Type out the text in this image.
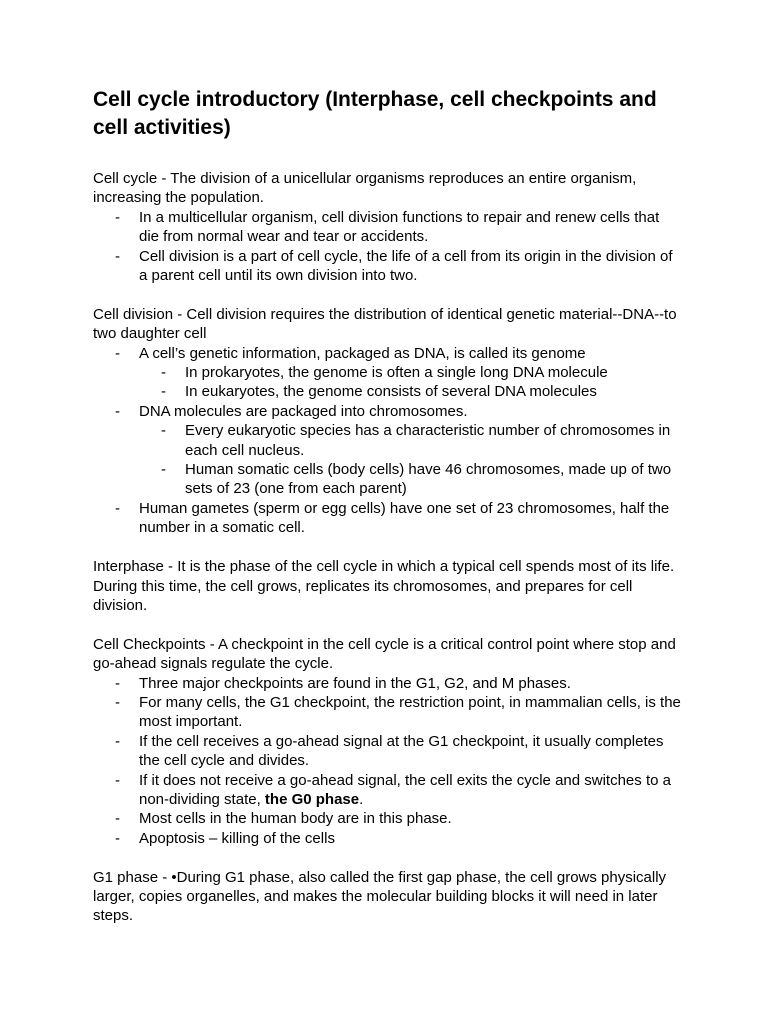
Cell cycle introductory (Interphase, cell checkpoints and cell activities)

Cell cycle - The division of a unicellular organisms reproduces an entire organism, increasing the population.

- In a multicellular organism, cell division functions to repair and renew cells that die from normal wear and tear or accidents.
- Cell division is a part of cell cycle, the life of a cell from its origin in the division of a parent cell until its own division into two.

Cell division - Cell division requires the distribution of identical genetic material--DNA--to two daughter cell

- A cell’s genetic information, packaged as DNA, is called its genome
- In prokaryotes, the genome is often a single long DNA molecule
- In eukaryotes, the genome consists of several DNA molecules
- DNA molecules are packaged into chromosomes.
- Every eukaryotic species has a characteristic number of chromosomes in each cell nucleus.
- Human somatic cells (body cells) have 46 chromosomes, made up of two sets of 23 (one from each parent)
- Human gametes (sperm or egg cells) have one set of 23 chromosomes, half the number in a somatic cell.

Interphase - It is the phase of the cell cycle in which a typical cell spends most of its life. During this time, the cell grows, replicates its chromosomes, and prepares for cell division.

Cell Checkpoints - A checkpoint in the cell cycle is a critical control point where stop and go-ahead signals regulate the cycle.

- Three major checkpoints are found in the G1, G2, and M phases.
- For many cells, the G1 checkpoint, the restriction point, in mammalian cells, is the most important.
- If the cell receives a go-ahead signal at the G1 checkpoint, it usually completes the cell cycle and divides.
- If it does not receive a go-ahead signal, the cell exits the cycle and switches to a non-dividing state, the G0 phase.
- Most cells in the human body are in this phase.
- Apoptosis – killing of the cells

G1 phase - •During G1 phase, also called the first gap phase, the cell grows physically larger, copies organelles, and makes the molecular building blocks it will need in later steps.
